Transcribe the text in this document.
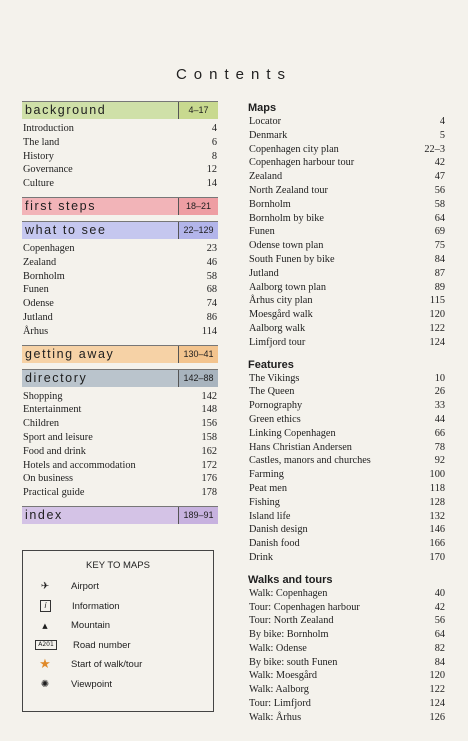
Contents
background	4–17
Introduction	4
The land	6
History	8
Governance	12
Culture	14
first steps	18–21
what to see	22–129
Copenhagen	23
Zealand	46
Bornholm	58
Funen	68
Odense	74
Jutland	86
Århus	114
getting away	130–41
directory	142–88
Shopping	142
Entertainment	148
Children	156
Sport and leisure	158
Food and drink	162
Hotels and accommodation	172
On business	176
Practical guide	178
index	189–91
KEY TO MAPS
✈	Airport
i	Information
▲	Mountain
A201	Road number
★	Start of walk/tour
✺	Viewpoint
Maps
Locator	4
Denmark	5
Copenhagen city plan	22–3
Copenhagen harbour tour	42
Zealand	47
North Zealand tour	56
Bornholm	58
Bornholm by bike	64
Funen	69
Odense town plan	75
South Funen by bike	84
Jutland	87
Aalborg town plan	89
Århus city plan	115
Moesgård walk	120
Aalborg walk	122
Limfjord tour	124
Features
The Vikings	10
The Queen	26
Pornography	33
Green ethics	44
Linking Copenhagen	66
Hans Christian Andersen	78
Castles, manors and churches	92
Farming	100
Peat men	118
Fishing	128
Island life	132
Danish design	146
Danish food	166
Drink	170
Walks and tours
Walk: Copenhagen	40
Tour: Copenhagen harbour	42
Tour: North Zealand	56
By bike: Bornholm	64
Walk: Odense	82
By bike: south Funen	84
Walk: Moesgård	120
Walk: Aalborg	122
Tour: Limfjord	124
Walk: Århus	126
